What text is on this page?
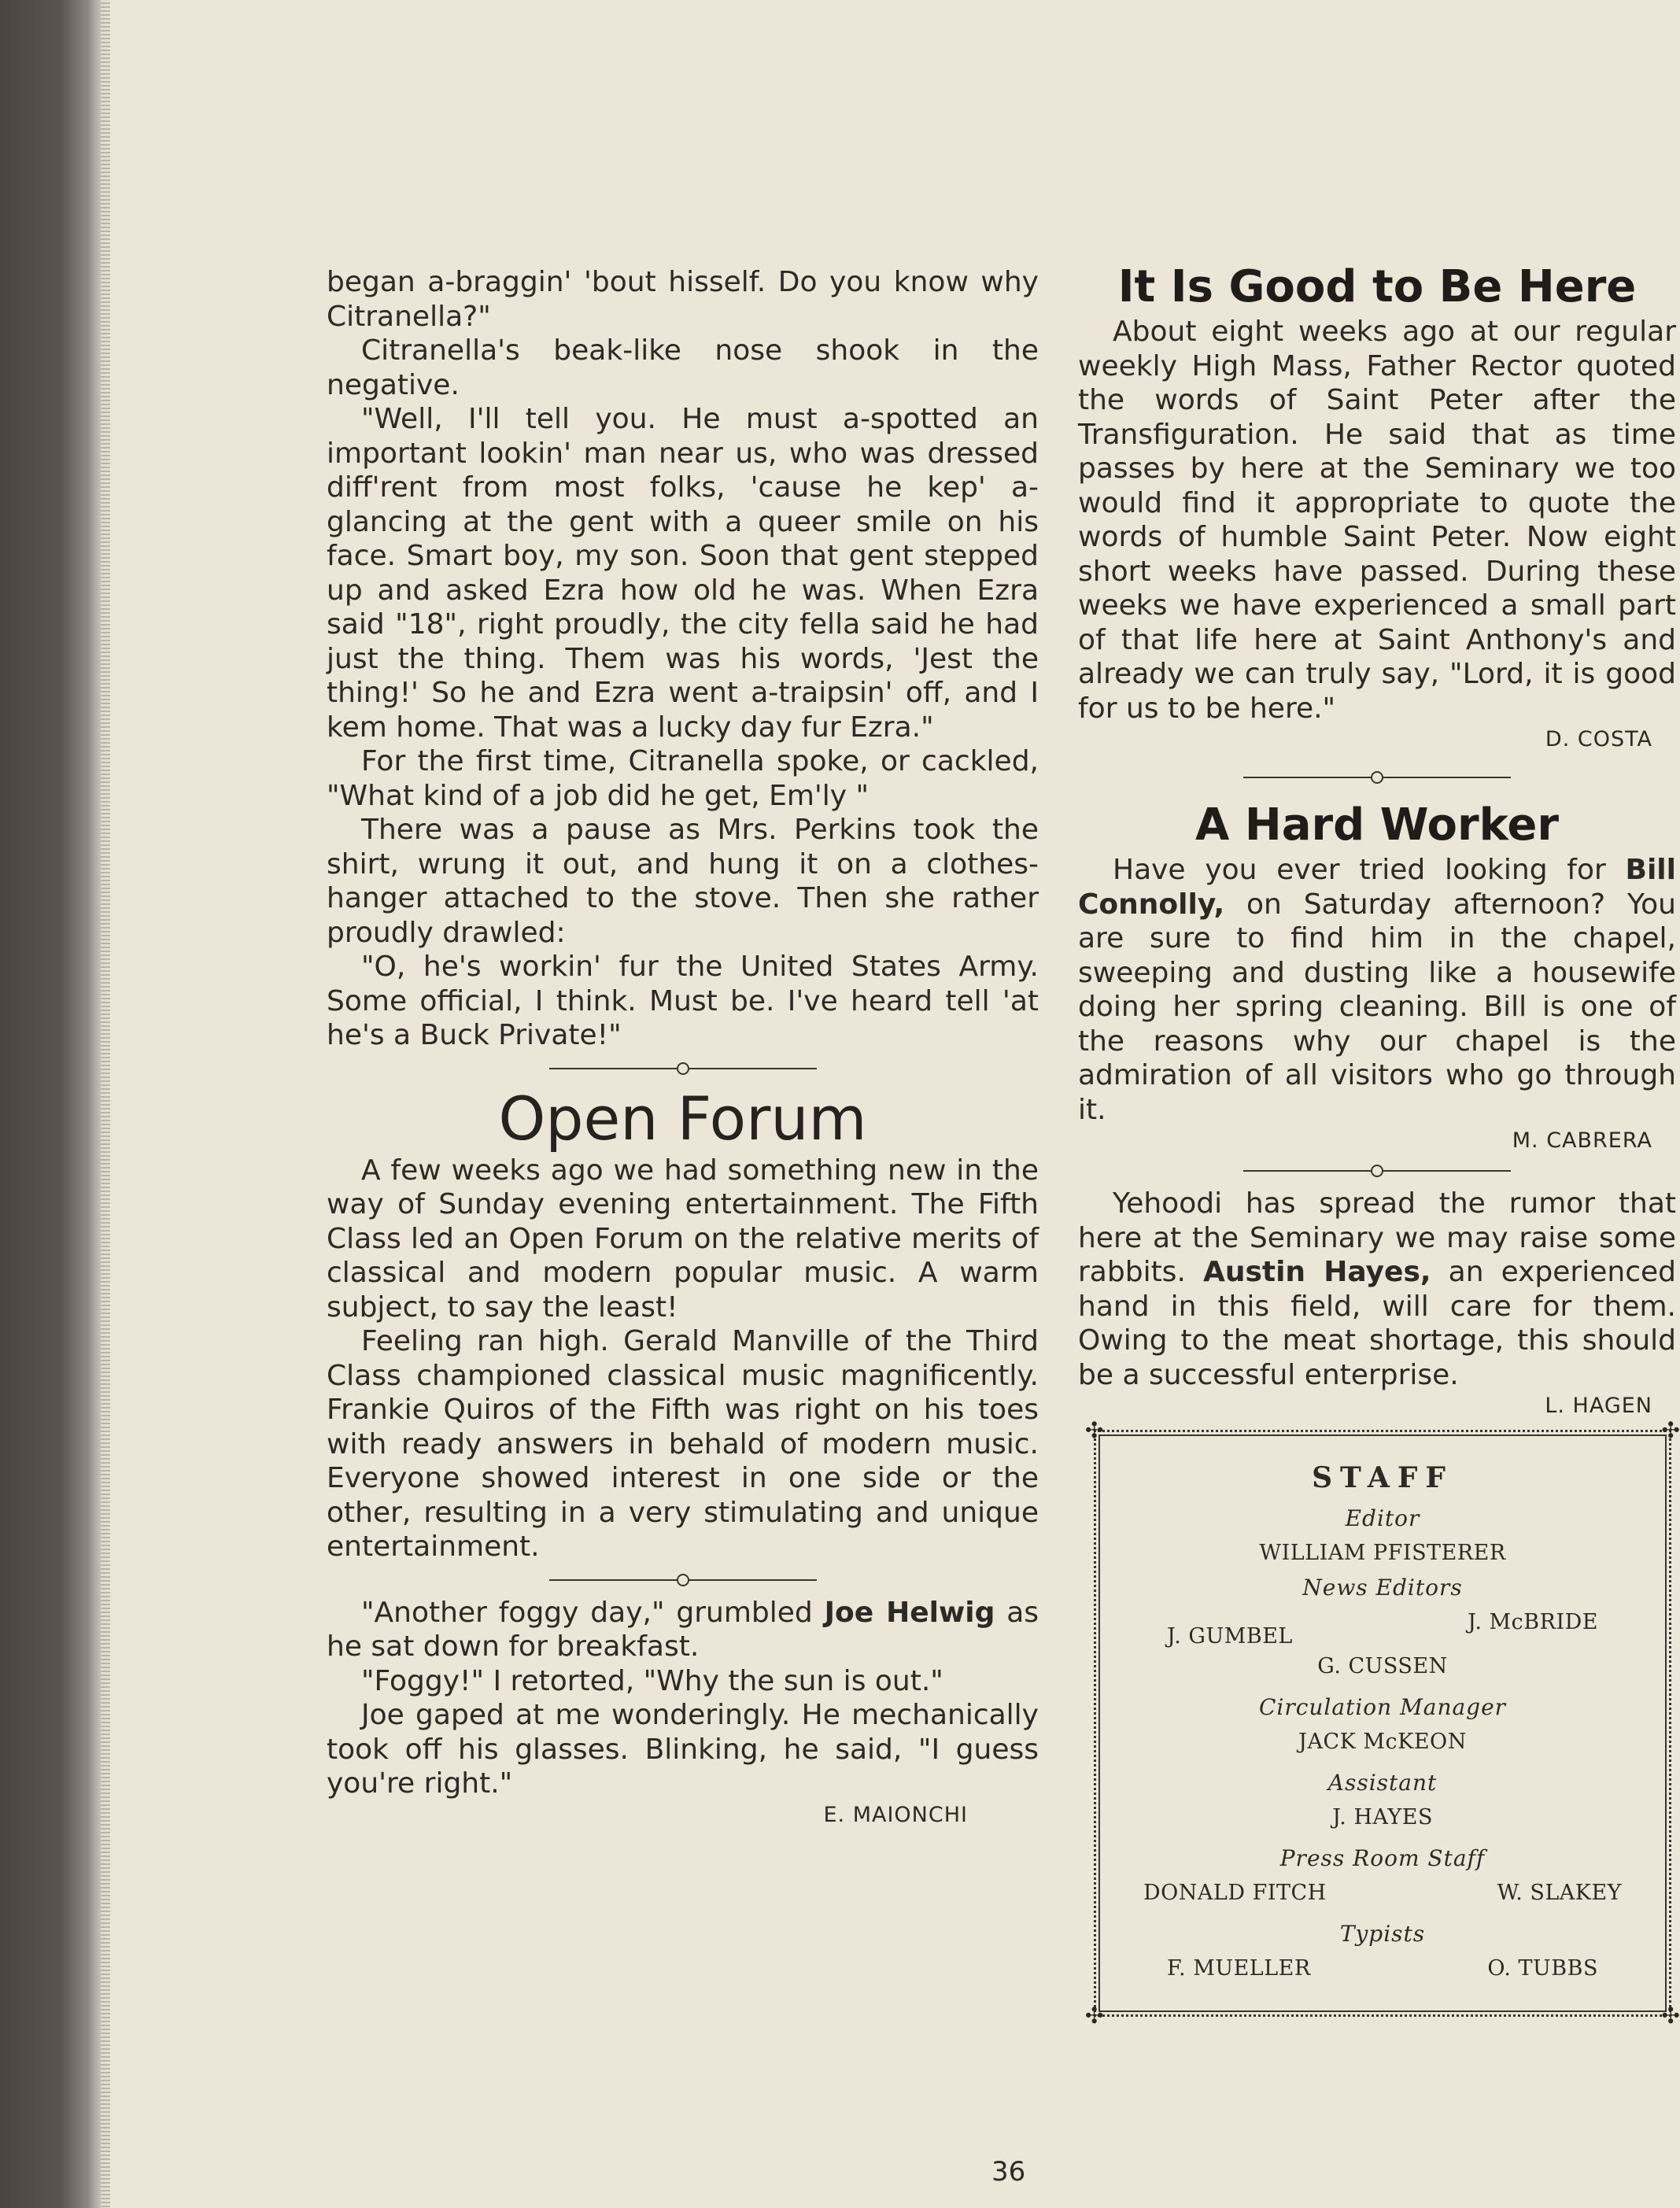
began a-braggin' 'bout hisself. Do you know why Citranella?"

Citranella's beak-like nose shook in the negative.

"Well, I'll tell you. He must a-spotted an important lookin' man near us, who was dressed diff'rent from most folks, 'cause he kep' a-glancing at the gent with a queer smile on his face. Smart boy, my son. Soon that gent stepped up and asked Ezra how old he was. When Ezra said "18", right proudly, the city fella said he had just the thing. Them was his words, 'Jest the thing!' So he and Ezra went a-traipsin' off, and I kem home. That was a lucky day fur Ezra."

For the first time, Citranella spoke, or cackled, "What kind of a job did he get, Em'ly "

There was a pause as Mrs. Perkins took the shirt, wrung it out, and hung it on a clothes-hanger attached to the stove. Then she rather proudly drawled:

"O, he's workin' fur the United States Army. Some official, I think. Must be. I've heard tell 'at he's a Buck Private!"

Open Forum

A few weeks ago we had something new in the way of Sunday evening entertainment. The Fifth Class led an Open Forum on the relative merits of classical and modern popular music. A warm subject, to say the least!

Feeling ran high. Gerald Manville of the Third Class championed classical music magnificently. Frankie Quiros of the Fifth was right on his toes with ready answers in behald of modern music. Everyone showed interest in one side or the other, resulting in a very stimulating and unique entertainment.

"Another foggy day," grumbled Joe Helwig as he sat down for breakfast.

"Foggy!" I retorted, "Why the sun is out."

Joe gaped at me wonderingly. He mechanically took off his glasses. Blinking, he said, "I guess you're right."

E. MAIONCHI
It Is Good to Be Here

About eight weeks ago at our regular weekly High Mass, Father Rector quoted the words of Saint Peter after the Transfiguration. He said that as time passes by here at the Seminary we too would find it appropriate to quote the words of humble Saint Peter. Now eight short weeks have passed. During these weeks we have experienced a small part of that life here at Saint Anthony's and already we can truly say, "Lord, it is good for us to be here."

D. COSTA
A Hard Worker

Have you ever tried looking for Bill Connolly, on Saturday afternoon? You are sure to find him in the chapel, sweeping and dusting like a housewife doing her spring cleaning. Bill is one of the reasons why our chapel is the admiration of all visitors who go through it.

M. CABRERA

Yehoodi has spread the rumor that here at the Seminary we may raise some rabbits. Austin Hayes, an experienced hand in this field, will care for them. Owing to the meat shortage, this should be a successful enterprise.

L. HAGEN
✣	✣
✣	✣
STAFF
Editor
WILLIAM PFISTERER
News Editors
J. GUMBEL
J. McBRIDE
G. CUSSEN
Circulation Manager
JACK McKEON
Assistant
J. HAYES
Press Room Staff
DONALD FITCH	W. SLAKEY
Typists
F. MUELLER	O. TUBBS
36
